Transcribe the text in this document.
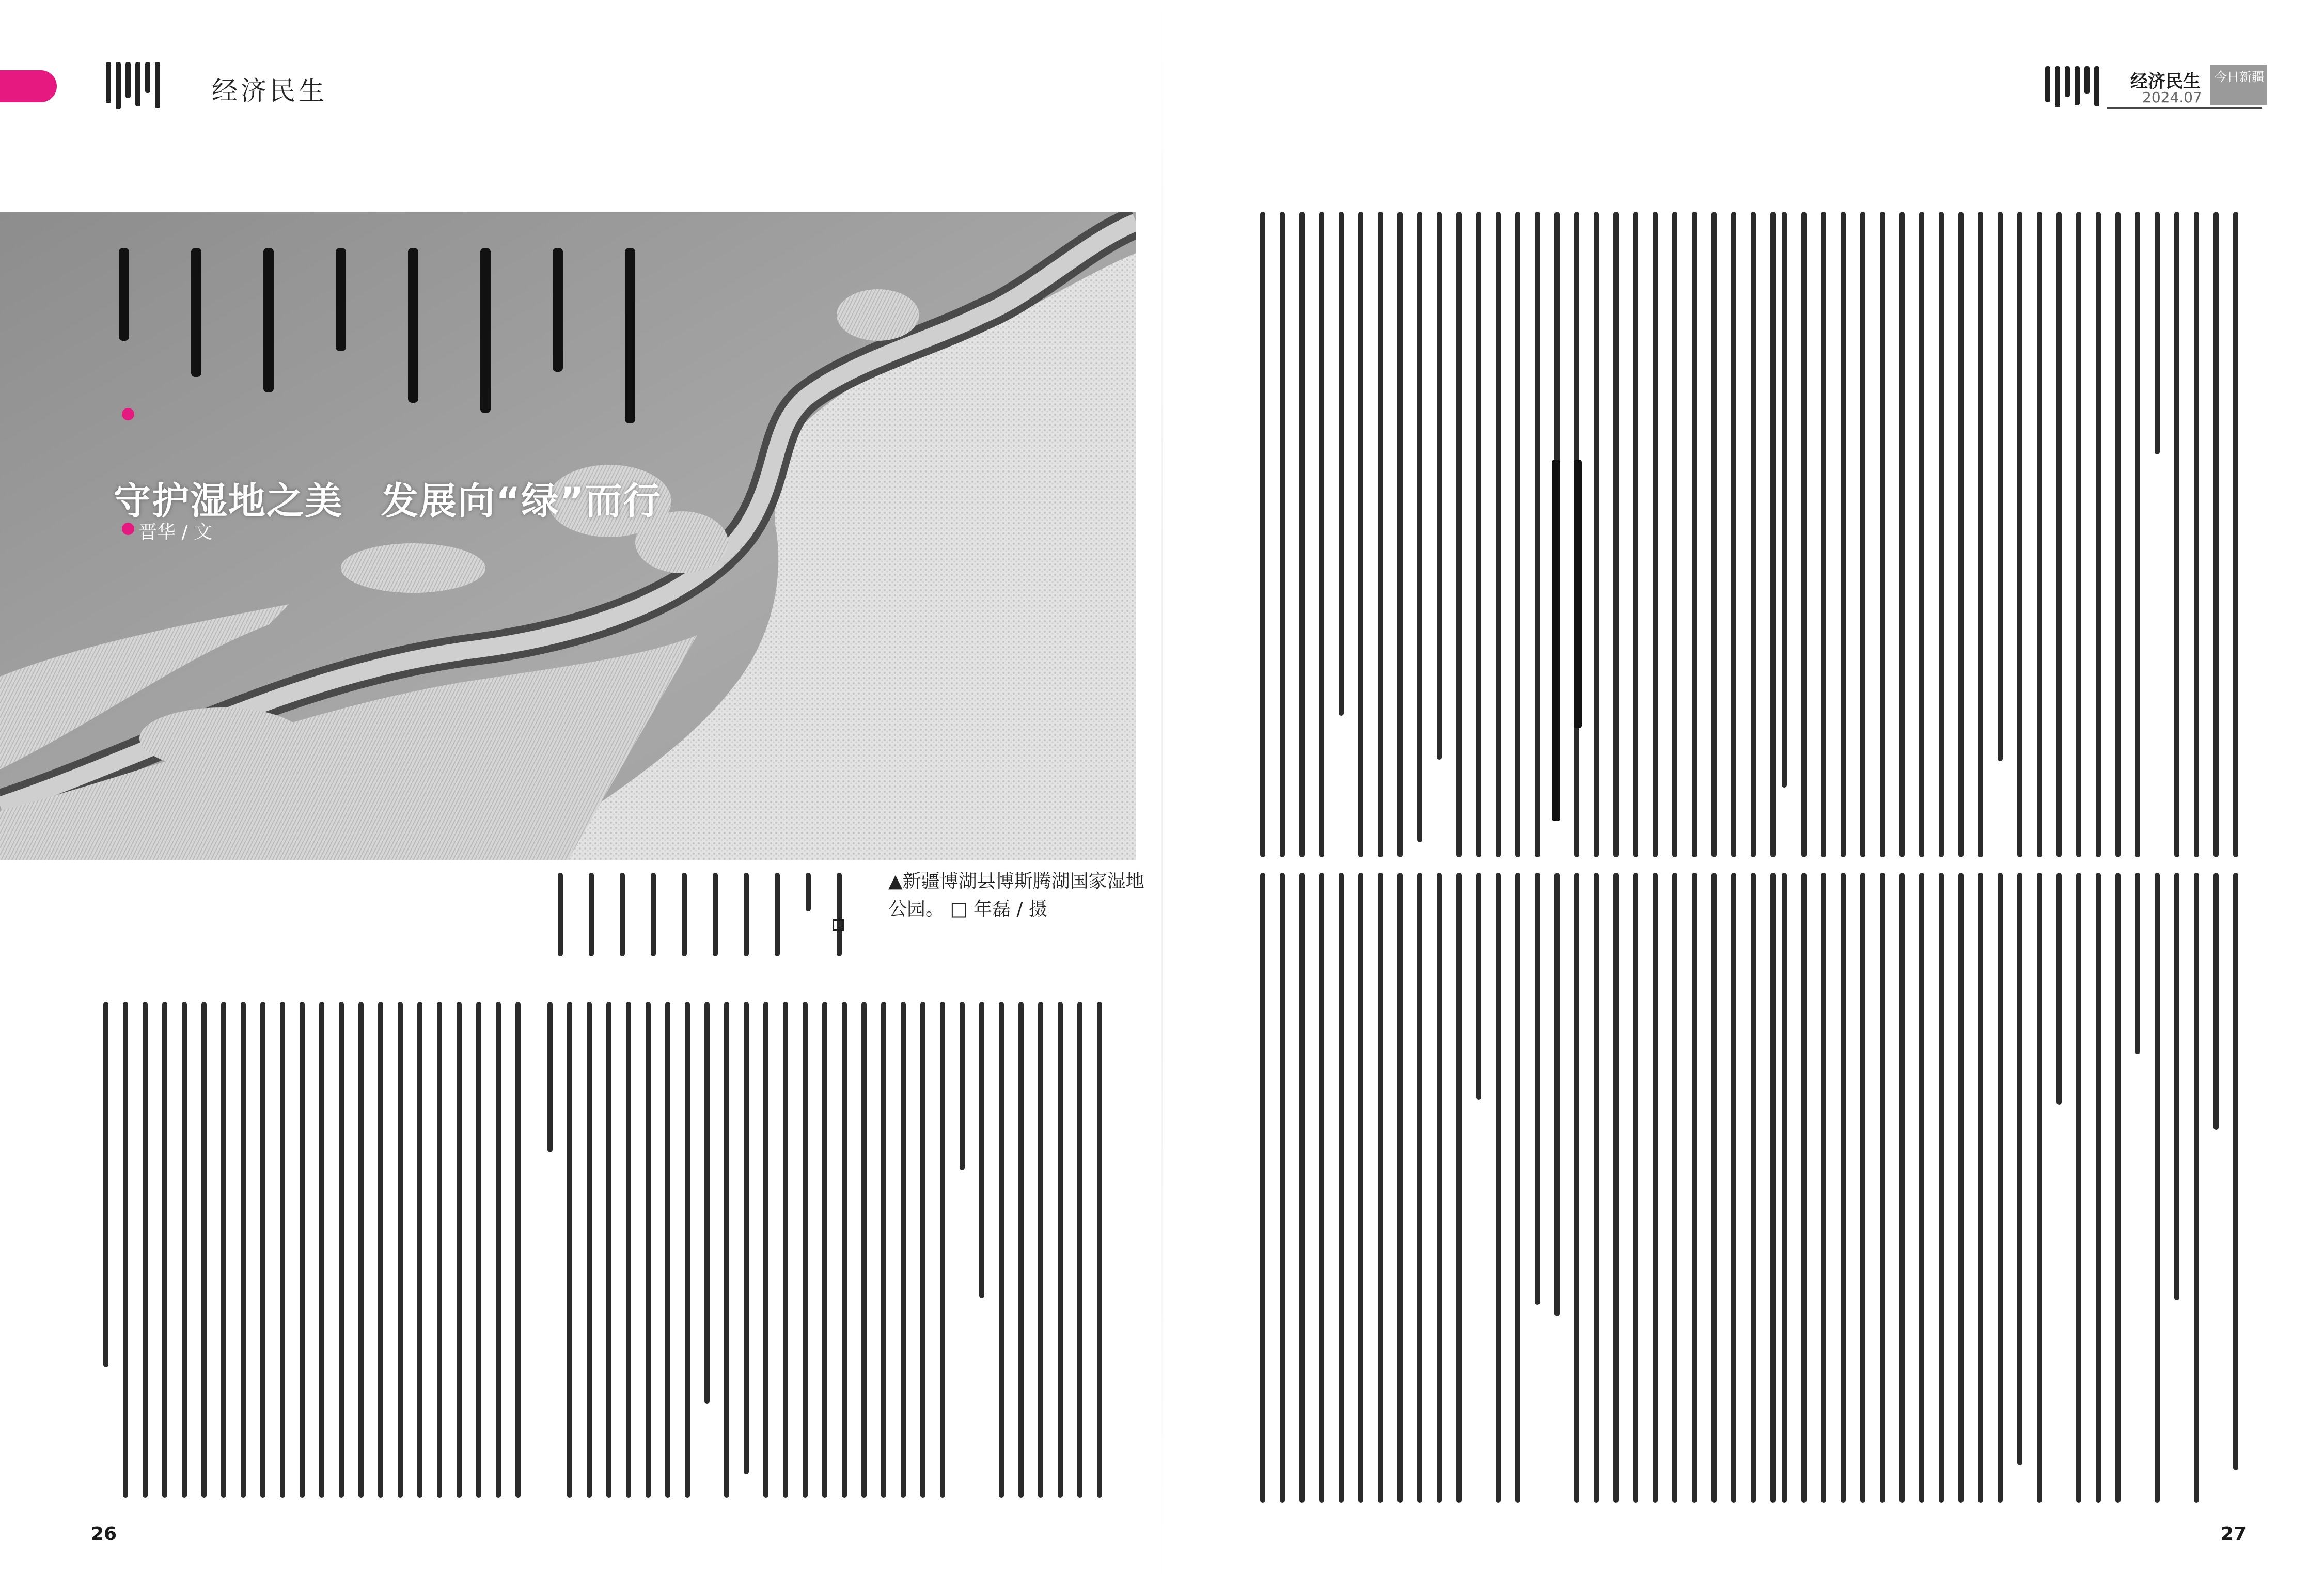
经济民生	经济民生
2024.07
今日新疆
守护湿地之美　发展向“绿”而行
晋华 / 文
▲新疆博湖县博斯腾湖国家湿地公园。 □ 年磊 / 摄
26	27
